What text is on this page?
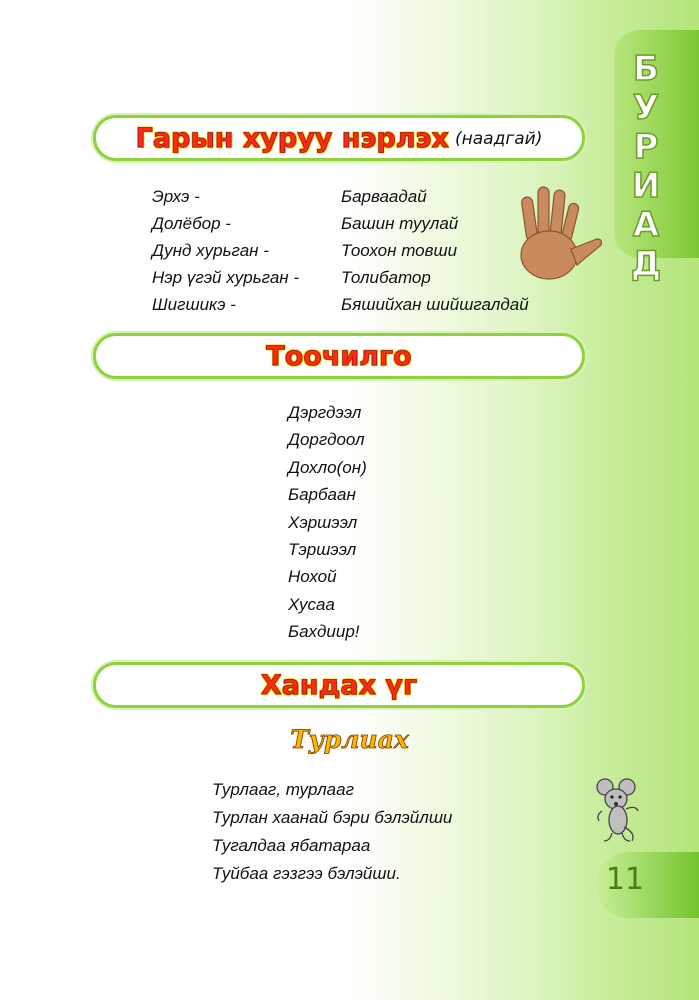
Б
У
Р
И
А
Д
Гарын хуруу нэрлэх (наадгай)
Эрхэ -	Барваадай
Долёбор -	Башин туулай
Дунд хурьган -	Тоохон товши
Нэр үгэй хурьган - Толибатор
Шигшикэ -	Бяшийхан шийшгалдай
Тоочилго
Дэргдээл
Доргдоол
Дохло(он)
Барбаан
Хэршээл
Тэршээл
Нохой
Хусаа
Бахдиир!
Хандах үг
Турлиах
Турлааг, турлааг
Турлан хаанай бэри бэлэйлши
Тугалдаа ябатараа
Туйбаа гэзгээ бэлэйши.	11
